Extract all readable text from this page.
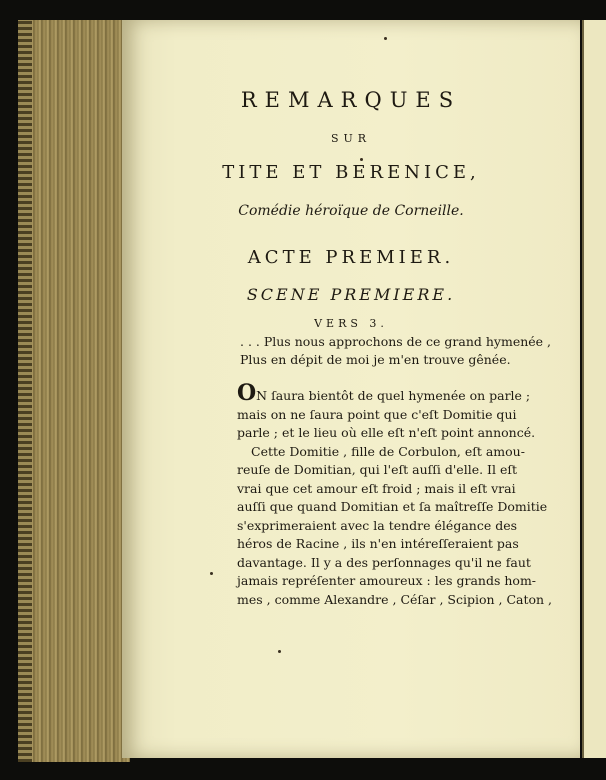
REMARQUES
SUR
TITE ET BERENICE,
Comédie héroïque de Corneille.
ACTE PREMIER.
SCENE PREMIERE.
VERS 3.
. . . Plus nous approchons de ce grand hymenée ,
Plus en dépit de moi je m'en trouve gênée.
ON ſaura bientôt de quel hymenée on parle ;
mais on ne ſaura point que c'eſt Domitie qui
parle ; et le lieu où elle eſt n'eſt point annoncé.
Cette Domitie , fille de Corbulon, eſt amou-
reuſe de Domitian, qui l'eſt auſſi d'elle. Il eſt
vrai que cet amour eſt froid ; mais il eſt vrai
auſſi que quand Domitian et ſa maîtreſſe Domitie
s'exprimeraient avec la tendre élégance des
héros de Racine , ils n'en intéreſſeraient pas
davantage. Il y a des perſonnages qu'il ne faut
jamais repréſenter amoureux : les grands hom-
mes , comme Alexandre , Céſar , Scipion , Caton ,
